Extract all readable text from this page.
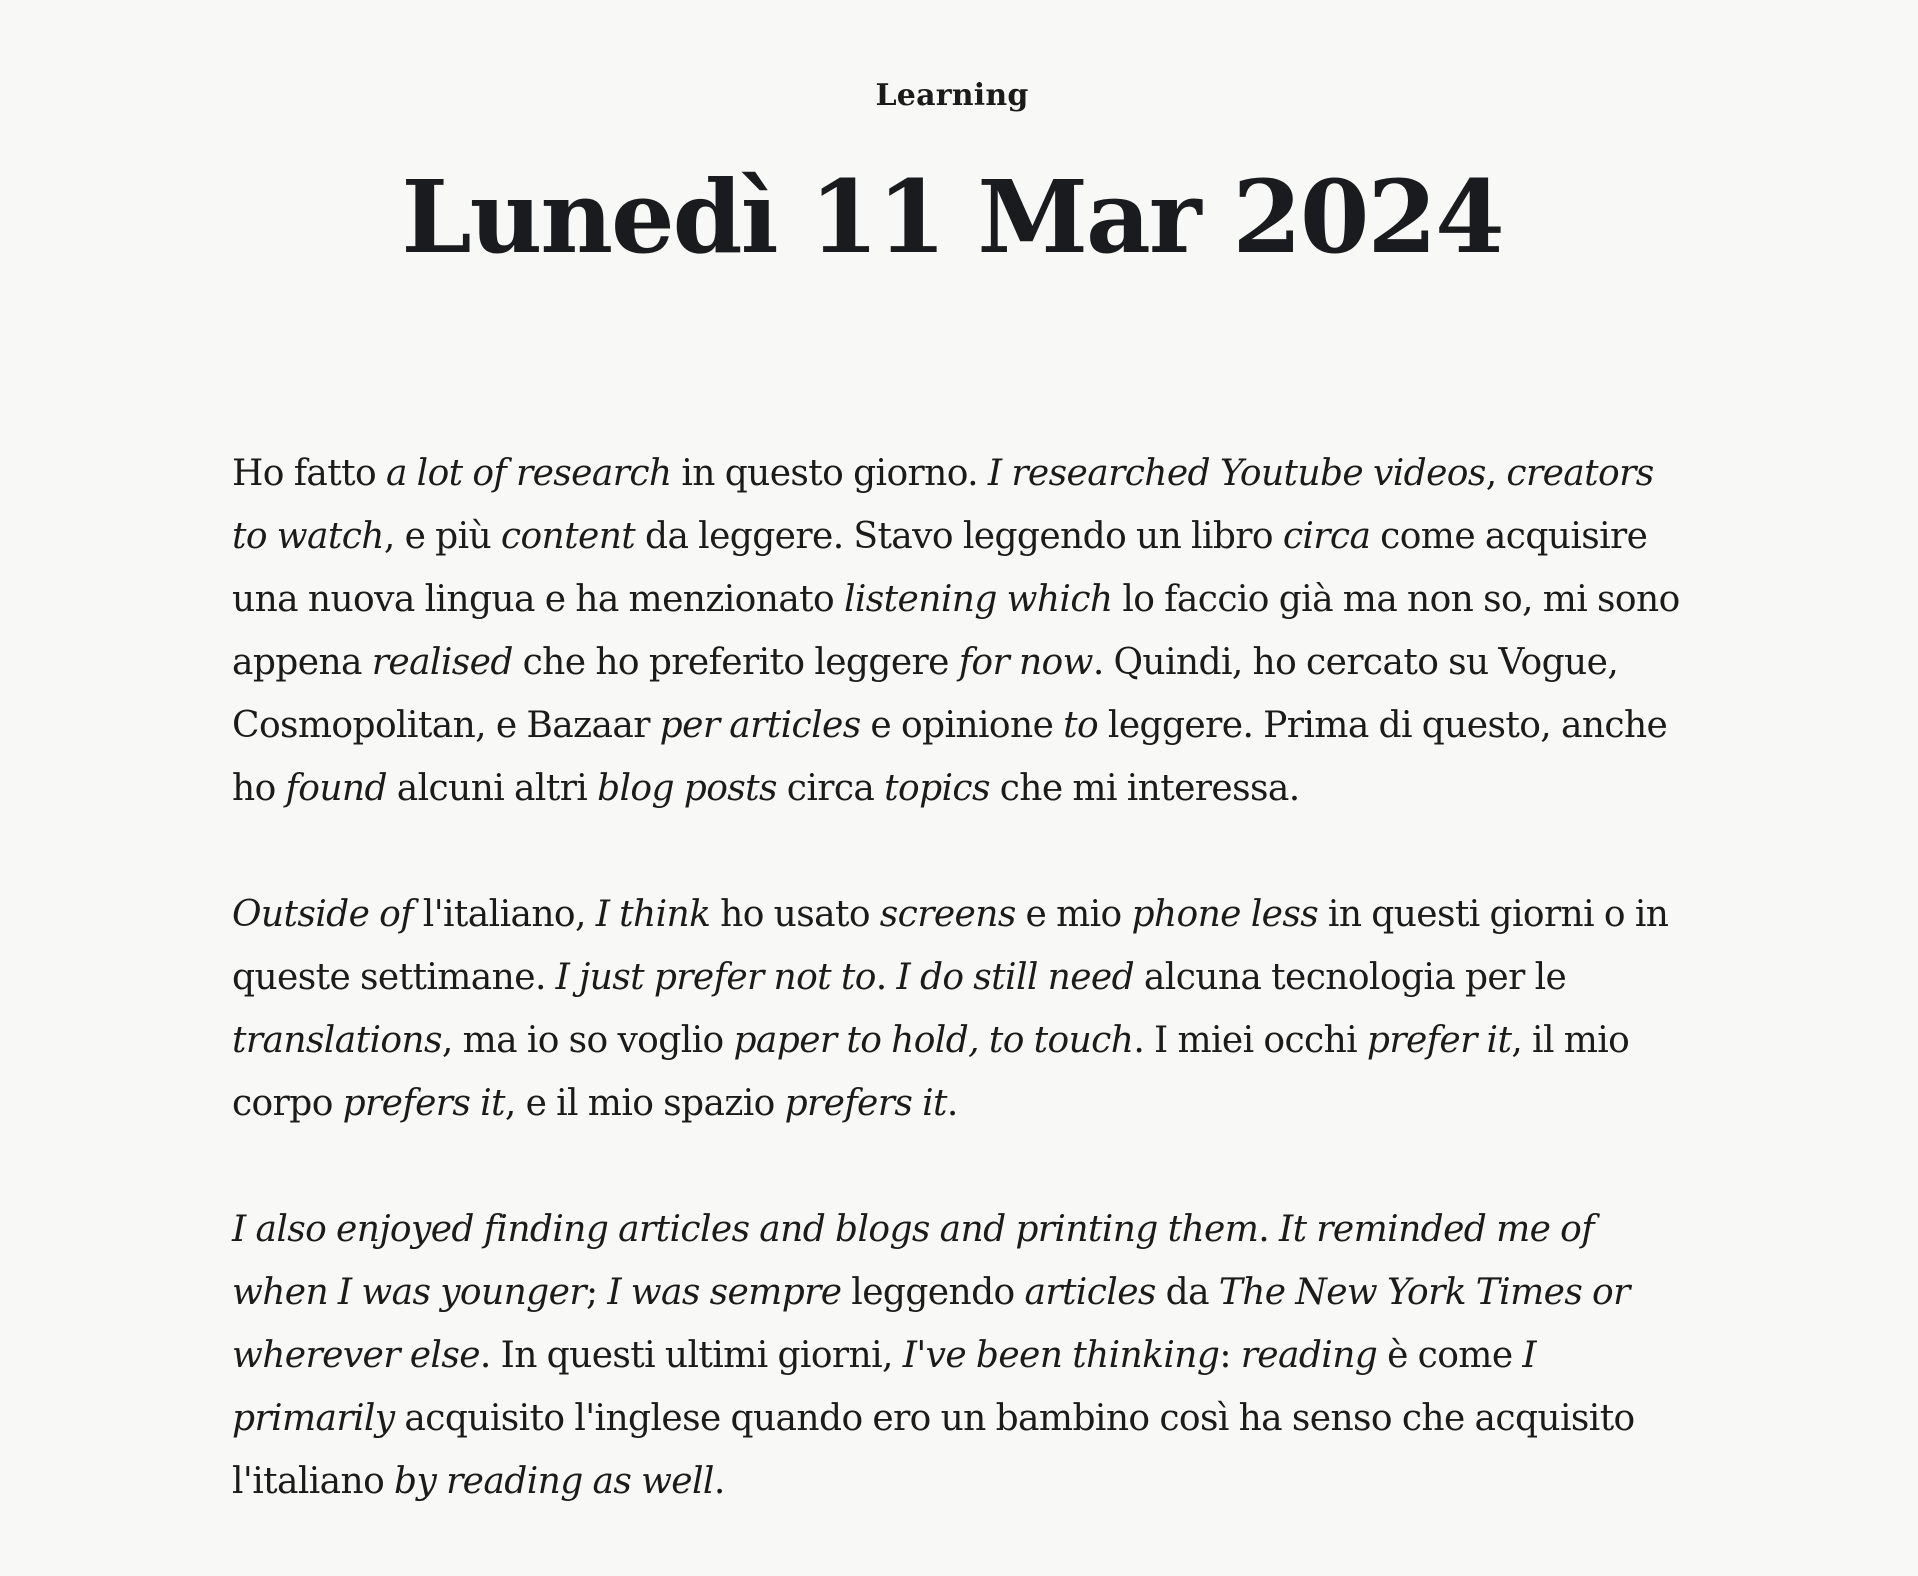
Learning
Lunedì 11 Mar 2024

Ho fatto a lot of research in questo giorno. I researched Youtube videos, creators to watch, e più content da leggere. Stavo leggendo un libro circa come acquisire una nuova lingua e ha menzionato listening which lo faccio già ma non so, mi sono appena realised che ho preferito leggere for now. Quindi, ho cercato su Vogue, Cosmopolitan, e Bazaar per articles e opinione to leggere. Prima di questo, anche ho found alcuni altri blog posts circa topics che mi interessa.

Outside of l'italiano, I think ho usato screens e mio phone less in questi giorni o in queste settimane. I just prefer not to. I do still need alcuna tecnologia per le translations, ma io so voglio paper to hold, to touch. I miei occhi prefer it, il mio corpo prefers it, e il mio spazio prefers it.

I also enjoyed finding articles and blogs and printing them. It reminded me of when I was younger; I was sempre leggendo articles da The New York Times or wherever else. In questi ultimi giorni, I've been thinking: reading è come I primarily acquisito l'inglese quando ero un bambino così ha senso che acquisito l'italiano by reading as well.
